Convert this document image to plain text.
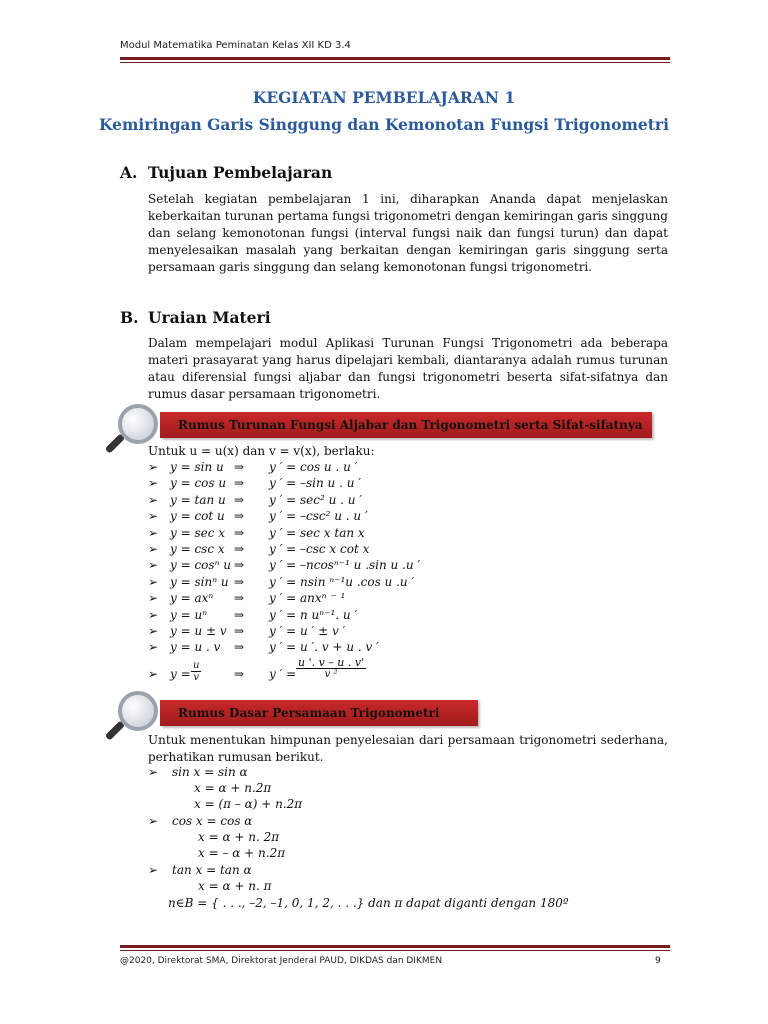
Modul Matematika Peminatan Kelas XII KD 3.4
KEGIATAN PEMBELAJARAN 1
Kemiringan Garis Singgung dan Kemonotan Fungsi Trigonometri
A. Tujuan Pembelajaran
Setelah kegiatan pembelajaran 1 ini, diharapkan Ananda dapat menjelaskan keberkaitan turunan pertama fungsi trigonometri dengan kemiringan garis singgung dan selang kemonotonan fungsi (interval fungsi naik dan fungsi turun) dan dapat menyelesaikan masalah yang berkaitan dengan kemiringan garis singgung serta persamaan garis singgung dan selang kemonotonan fungsi trigonometri.
B. Uraian Materi
Dalam mempelajari modul Aplikasi Turunan Fungsi Trigonometri ada beberapa materi prasayarat yang harus dipelajari kembali, diantaranya adalah rumus turunan atau diferensial fungsi aljabar dan fungsi trigonometri beserta sifat-sifatnya dan rumus dasar persamaan trigonometri.
Rumus Turunan Fungsi Aljabar dan Trigonometri serta Sifat-sifatnya
Untuk u = u(x) dan v = v(x), berlaku:
➢ y = sin u ⇒ y ′ = cos u . u ′
➢ y = cos u ⇒ y ′ = –sin u . u ′
➢ y = tan u ⇒ y ′ = sec² u . u ′
➢ y = cot u ⇒ y ′ = –csc² u . u ′
➢ y = sec x ⇒ y ′ = sec x tan x
➢ y = csc x ⇒ y ′ = –csc x cot x
➢ y = cosⁿ u ⇒ y ′ = –ncosⁿ⁻¹ u .sin u .u ′
➢ y = sinⁿ u ⇒ y ′ = nsin ⁿ⁻¹u .cos u .u ′
➢ y = axⁿ ⇒ y ′ = anxⁿ ⁻ ¹
➢ y = uⁿ ⇒ y ′ = n uⁿ⁻¹. u ′
➢ y = u ± v ⇒ y ′ = u ′ ± v ′
➢ y = u . v ⇒ y ′ = u ′. v + u . v ′
➢ $y = \frac{u}{v}$	⇒ y ′ = $\frac{u '. v - u . v'}{\text{v ²}}$
Rumus Dasar Persamaan Trigonometri
Untuk menentukan himpunan penyelesaian dari persamaan trigonometri sederhana, perhatikan rumusan berikut.
➢ sin x = sin α
x = α + n.2π
x = (π – α) + n.2π
➢ cos x = cos α
x = α + n. 2π
x = – α + n.2π
➢ tan x = tan α
x = α + n. π
n∈B = { . . ., –2, –1, 0, 1, 2, . . .} dan π dapat diganti dengan 180º
@2020, Direktorat SMA, Direktorat Jenderal PAUD, DIKDAS dan DIKMEN	9
